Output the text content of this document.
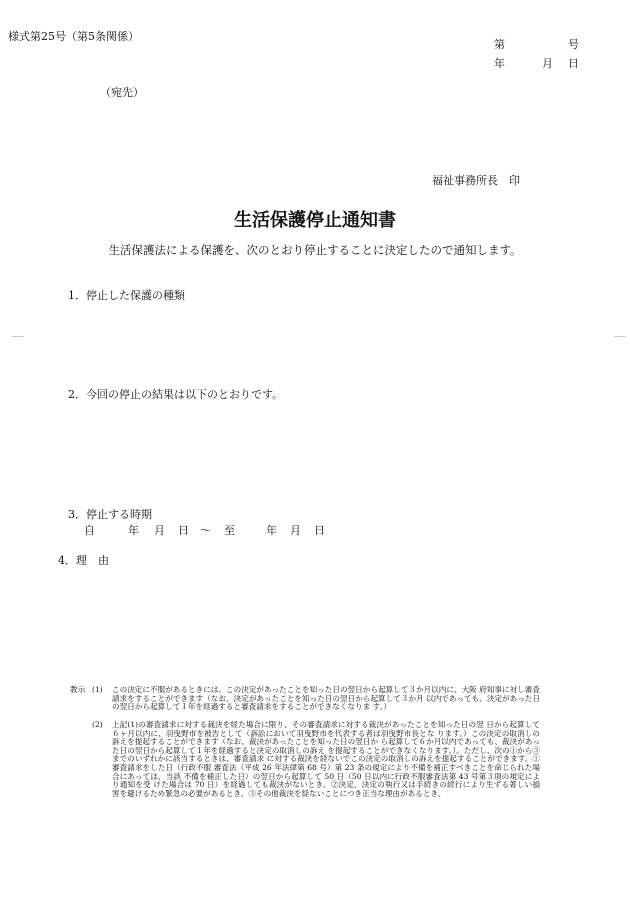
様式第25号（第5条関係）
第	号
年	月 日
（宛先）
福祉事務所長　印
生活保護停止通知書
生活保護法による保護を、次のとおり停止することに決定したので通知します。
1．停止した保護の種類
2．今回の停止の結果は以下のとおりです。
3．停止する時期
自	年 月 日 ～ 至	年 月 日
4．理　由
教示 (1) この決定に不服があるときには、この決定があったことを知った日の翌日から起算して３か月以内に、大阪 府知事に対し審査請求をすることができます（なお、決定があったことを知った日の翌日から起算して３か月 以内であっても、決定があった日の翌日から起算して１年を経過すると審査請求をすることができなくなりま す。）
(2) 上記(1)の審査請求に対する裁決を経た場合に限り、その審査請求に対する裁決があったことを知った日の翌 日から起算して６ヶ月以内に、羽曳野市を被告として（訴訟において羽曳野市を代表する者は羽曳野市長とな ります。）この決定の取消しの訴えを提起することができます（なお、裁決があったことを知った日の翌日か ら起算して６か月以内であっても、裁決があった日の翌日から起算して１年を経過すると決定の取消しの訴え を提起することができなくなります。）。ただし、次の①から③までのいずれかに該当するときは、審査請求 に対する裁決を経ないでこの決定の取消しの訴えを提起することができます。①審査請求をした日（行政不服 審査法（平成 26 年法律第 68 号）第 23 条の規定により不備を補正すべきことを命じられた場合にあっては、当該 不備を補正した日）の翌日から起算して 50 日（50 日以内に行政不服審査法第 43 号第３項の規定により通知を受 けた場合は 70 日）を経過しても裁決がないとき。②決定、決定の執行又は手続きの続行により生ずる著しい損 害を避けるため緊急の必要があるとき。③その他裁決を経ないことにつき正当な理由があるとき。
